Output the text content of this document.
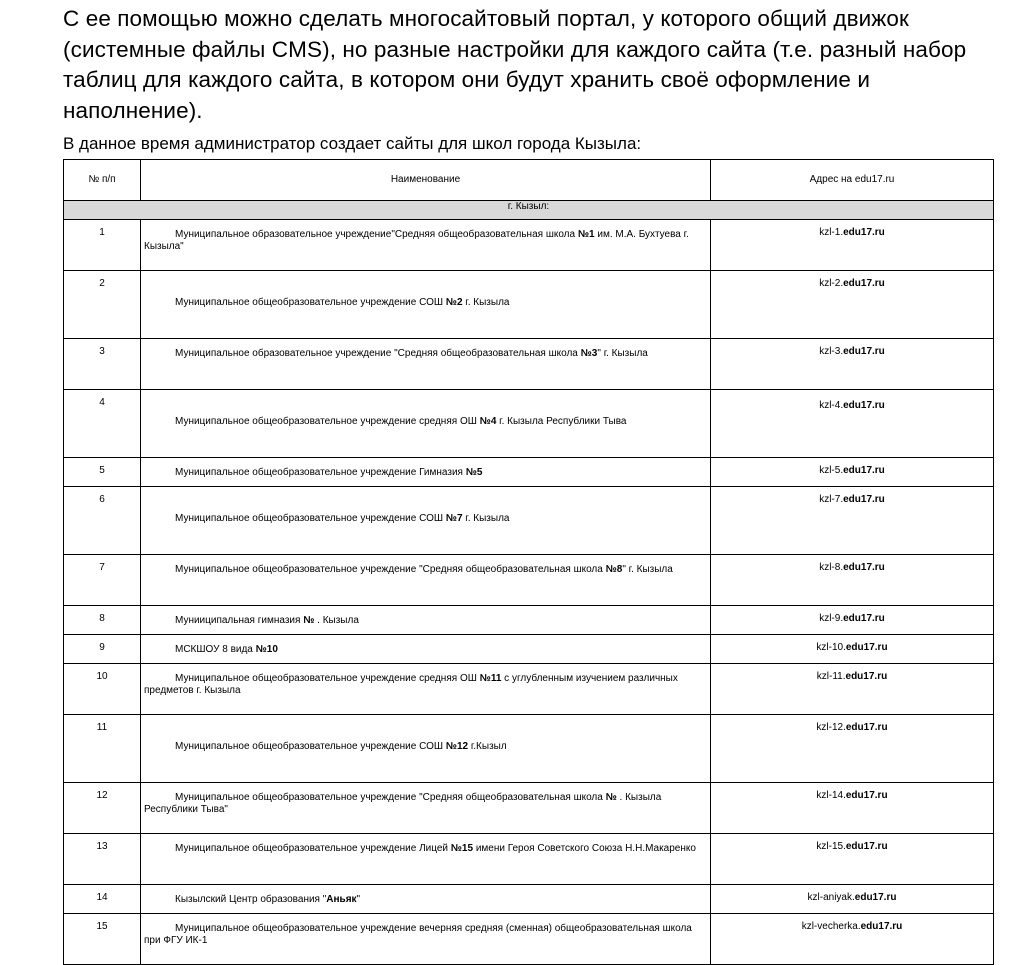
С ее помощью можно сделать многосайтовый портал, у которого общий движок (системные файлы CMS), но разные настройки для каждого сайта (т.е. разный набор таблиц для каждого сайта, в котором они будут хранить своё оформление и наполнение).
В данное время администратор создает сайты для школ города Кызыла:
№ п/п	Наименование	Адрес на edu17.ru
г. Кызыл:		
1	Муниципальное образовательное учреждение"Средняя общеобразовательная школа №1 им. М.А. Бухтуева г. Кызыла"	kzl-1.edu17.ru
2	Муниципальное общеобразовательное учреждение СОШ №2 г. Кызыла	kzl-2.edu17.ru
3	Муниципальное образовательное учреждение "Средняя общеобразовательная школа №3" г. Кызыла	kzl-3.edu17.ru
4	Муниципальное общеобразовательное учреждение средняя ОШ №4 г. Кызыла Республики Тыва	kzl-4.edu17.ru
5	Муниципальное общеобразовательное учреждение Гимназия №5	kzl-5.edu17.ru
6	Муниципальное общеобразовательное учреждение СОШ №7 г. Кызыла	kzl-7.edu17.ru
7	Муниципальное общеобразовательное учреждение "Средняя общеобразовательная школа №8" г. Кызыла	kzl-8.edu17.ru
8	Мунииципальная гимназия № . Кызыла	kzl-9.edu17.ru
9	МСКШОУ 8 вида №10	kzl-10.edu17.ru
10	Муниципальное общеобразовательное учреждение средняя ОШ №11 с углубленным изучением различных предметов г. Кызыла	kzl-11.edu17.ru
11	Муниципальное общеобразовательное учреждение СОШ №12 г.Кызыл	kzl-12.edu17.ru
12	Муниципальное общеобразовательное учреждение "Средняя общеобразовательная школа № . Кызыла Республики Тыва"	kzl-14.edu17.ru
13	Муниципальное общеобразовательное учреждение Лицей №15 имени Героя Советского Союза Н.Н.Макаренко	kzl-15.edu17.ru
14	Кызылский Центр образования "Аньяк"	kzl-aniyak.edu17.ru
15	Муниципальное общеобразовательное учреждение вечерняя средняя (сменная) общеобразовательная школа при ФГУ ИК-1	kzl-vecherka.edu17.ru
